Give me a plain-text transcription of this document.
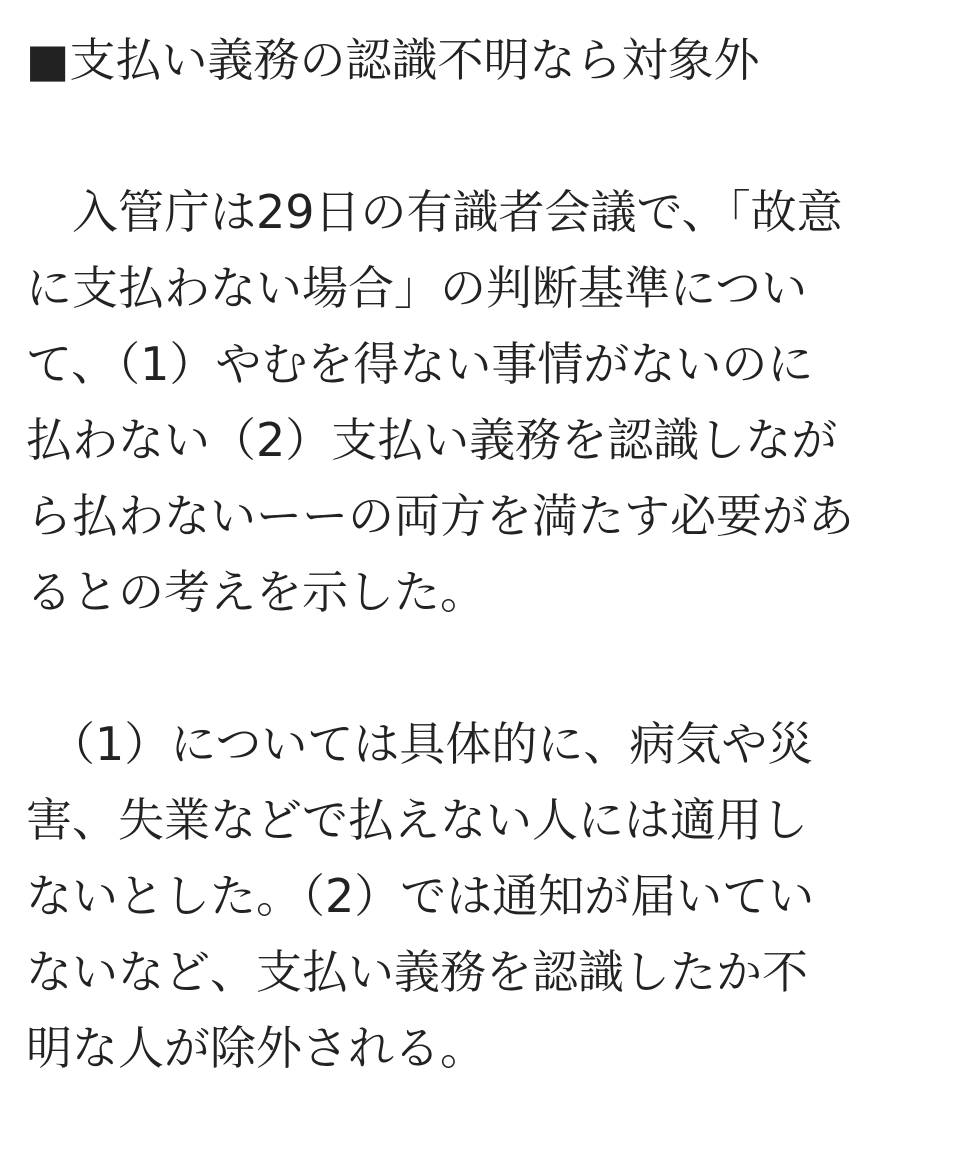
■支払い義務の認識不明なら対象外
　入管庁は29日の有識者会議で、「故意
に支払わない場合」の判断基準につい
て、（1）やむを得ない事情がないのに
払わない（2）支払い義務を認識しなが
ら払わないーーの両方を満たす必要があ
るとの考えを示した。
　（1）については具体的に、病気や災
害、失業などで払えない人には適用し
ないとした。（2）では通知が届いてい
ないなど、支払い義務を認識したか不
明な人が除外される。
